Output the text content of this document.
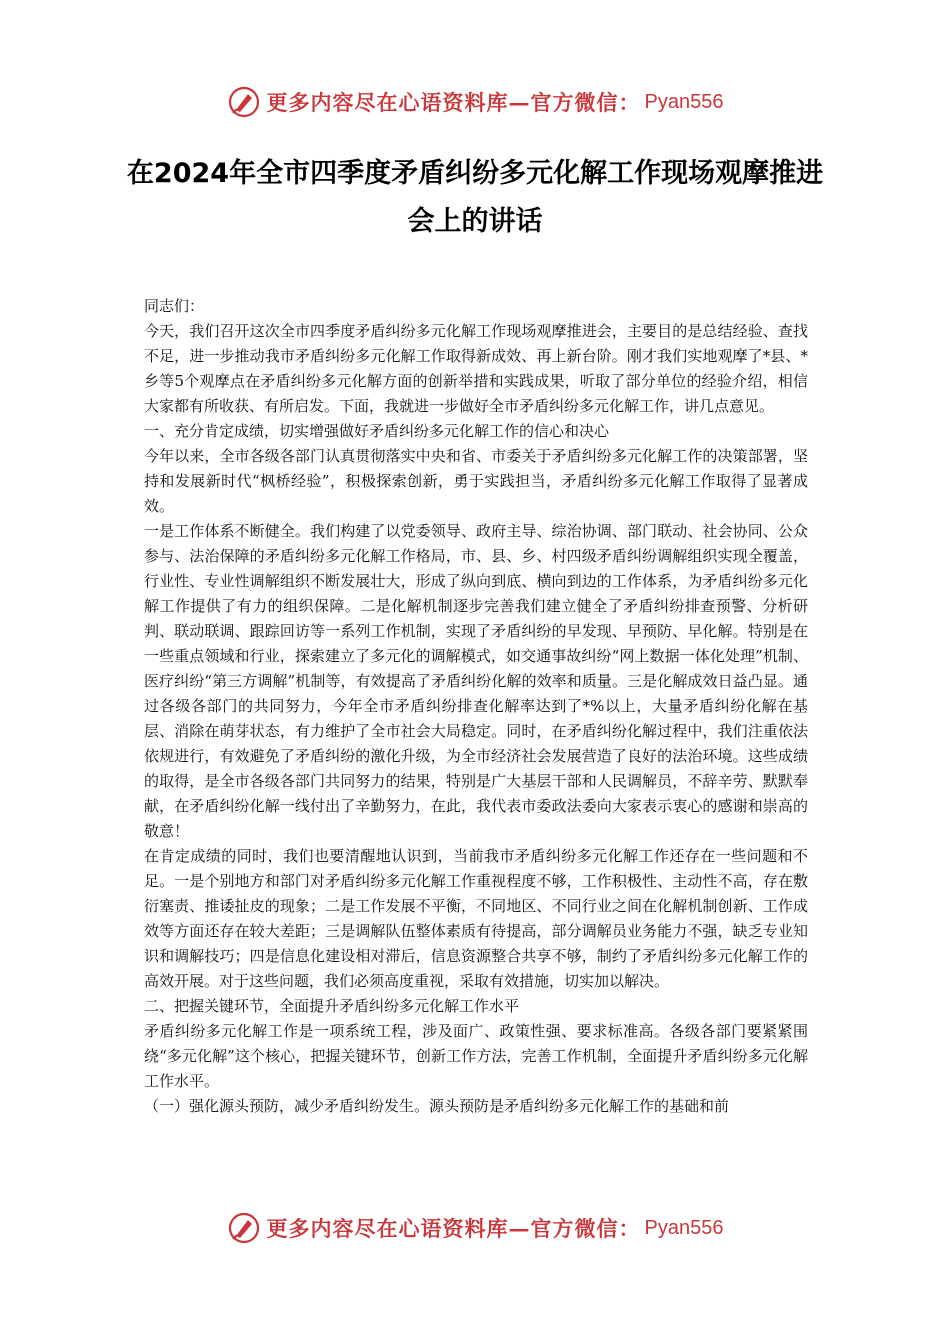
更多内容尽在心语资料库—官方微信： Pyan556
在2024年全市四季度矛盾纠纷多元化解工作现场观摩推进会上的讲话

同志们：

今天，我们召开这次全市四季度矛盾纠纷多元化解工作现场观摩推进会，主要目的是总结经验、查找不足，进一步推动我市矛盾纠纷多元化解工作取得新成效、再上新台阶。刚才我们实地观摩了*县、*乡等5个观摩点在矛盾纠纷多元化解方面的创新举措和实践成果，听取了部分单位的经验介绍，相信大家都有所收获、有所启发。下面，我就进一步做好全市矛盾纠纷多元化解工作，讲几点意见。

一、充分肯定成绩，切实增强做好矛盾纠纷多元化解工作的信心和决心

今年以来，全市各级各部门认真贯彻落实中央和省、市委关于矛盾纠纷多元化解工作的决策部署，坚持和发展新时代“枫桥经验”，积极探索创新，勇于实践担当，矛盾纠纷多元化解工作取得了显著成效。

一是工作体系不断健全。我们构建了以党委领导、政府主导、综治协调、部门联动、社会协同、公众参与、法治保障的矛盾纠纷多元化解工作格局，市、县、乡、村四级矛盾纠纷调解组织实现全覆盖，行业性、专业性调解组织不断发展壮大，形成了纵向到底、横向到边的工作体系，为矛盾纠纷多元化解工作提供了有力的组织保障。二是化解机制逐步完善我们建立健全了矛盾纠纷排查预警、分析研判、联动联调、跟踪回访等一系列工作机制，实现了矛盾纠纷的早发现、早预防、早化解。特别是在一些重点领域和行业，探索建立了多元化的调解模式，如交通事故纠纷“网上数据一体化处理”机制、医疗纠纷“第三方调解”机制等，有效提高了矛盾纠纷化解的效率和质量。三是化解成效日益凸显。通过各级各部门的共同努力，今年全市矛盾纠纷排查化解率达到了*%以上，大量矛盾纠纷化解在基层、消除在萌芽状态，有力维护了全市社会大局稳定。同时，在矛盾纠纷化解过程中，我们注重依法依规进行，有效避免了矛盾纠纷的激化升级，为全市经济社会发展营造了良好的法治环境。这些成绩的取得，是全市各级各部门共同努力的结果，特别是广大基层干部和人民调解员，不辞辛劳、默默奉献，在矛盾纠纷化解一线付出了辛勤努力，在此，我代表市委政法委向大家表示衷心的感谢和崇高的敬意！

在肯定成绩的同时，我们也要清醒地认识到，当前我市矛盾纠纷多元化解工作还存在一些问题和不足。一是个别地方和部门对矛盾纠纷多元化解工作重视程度不够，工作积极性、主动性不高，存在敷衍塞责、推诿扯皮的现象；二是工作发展不平衡，不同地区、不同行业之间在化解机制创新、工作成效等方面还存在较大差距；三是调解队伍整体素质有待提高，部分调解员业务能力不强，缺乏专业知识和调解技巧；四是信息化建设相对滞后，信息资源整合共享不够，制约了矛盾纠纷多元化解工作的高效开展。对于这些问题，我们必须高度重视，采取有效措施，切实加以解决。

二、把握关键环节，全面提升矛盾纠纷多元化解工作水平

矛盾纠纷多元化解工作是一项系统工程，涉及面广、政策性强、要求标准高。各级各部门要紧紧围绕“多元化解”这个核心，把握关键环节，创新工作方法，完善工作机制，全面提升矛盾纠纷多元化解工作水平。

（一）强化源头预防，减少矛盾纠纷发生。源头预防是矛盾纠纷多元化解工作的基础和前

更多内容尽在心语资料库—官方微信： Pyan556
